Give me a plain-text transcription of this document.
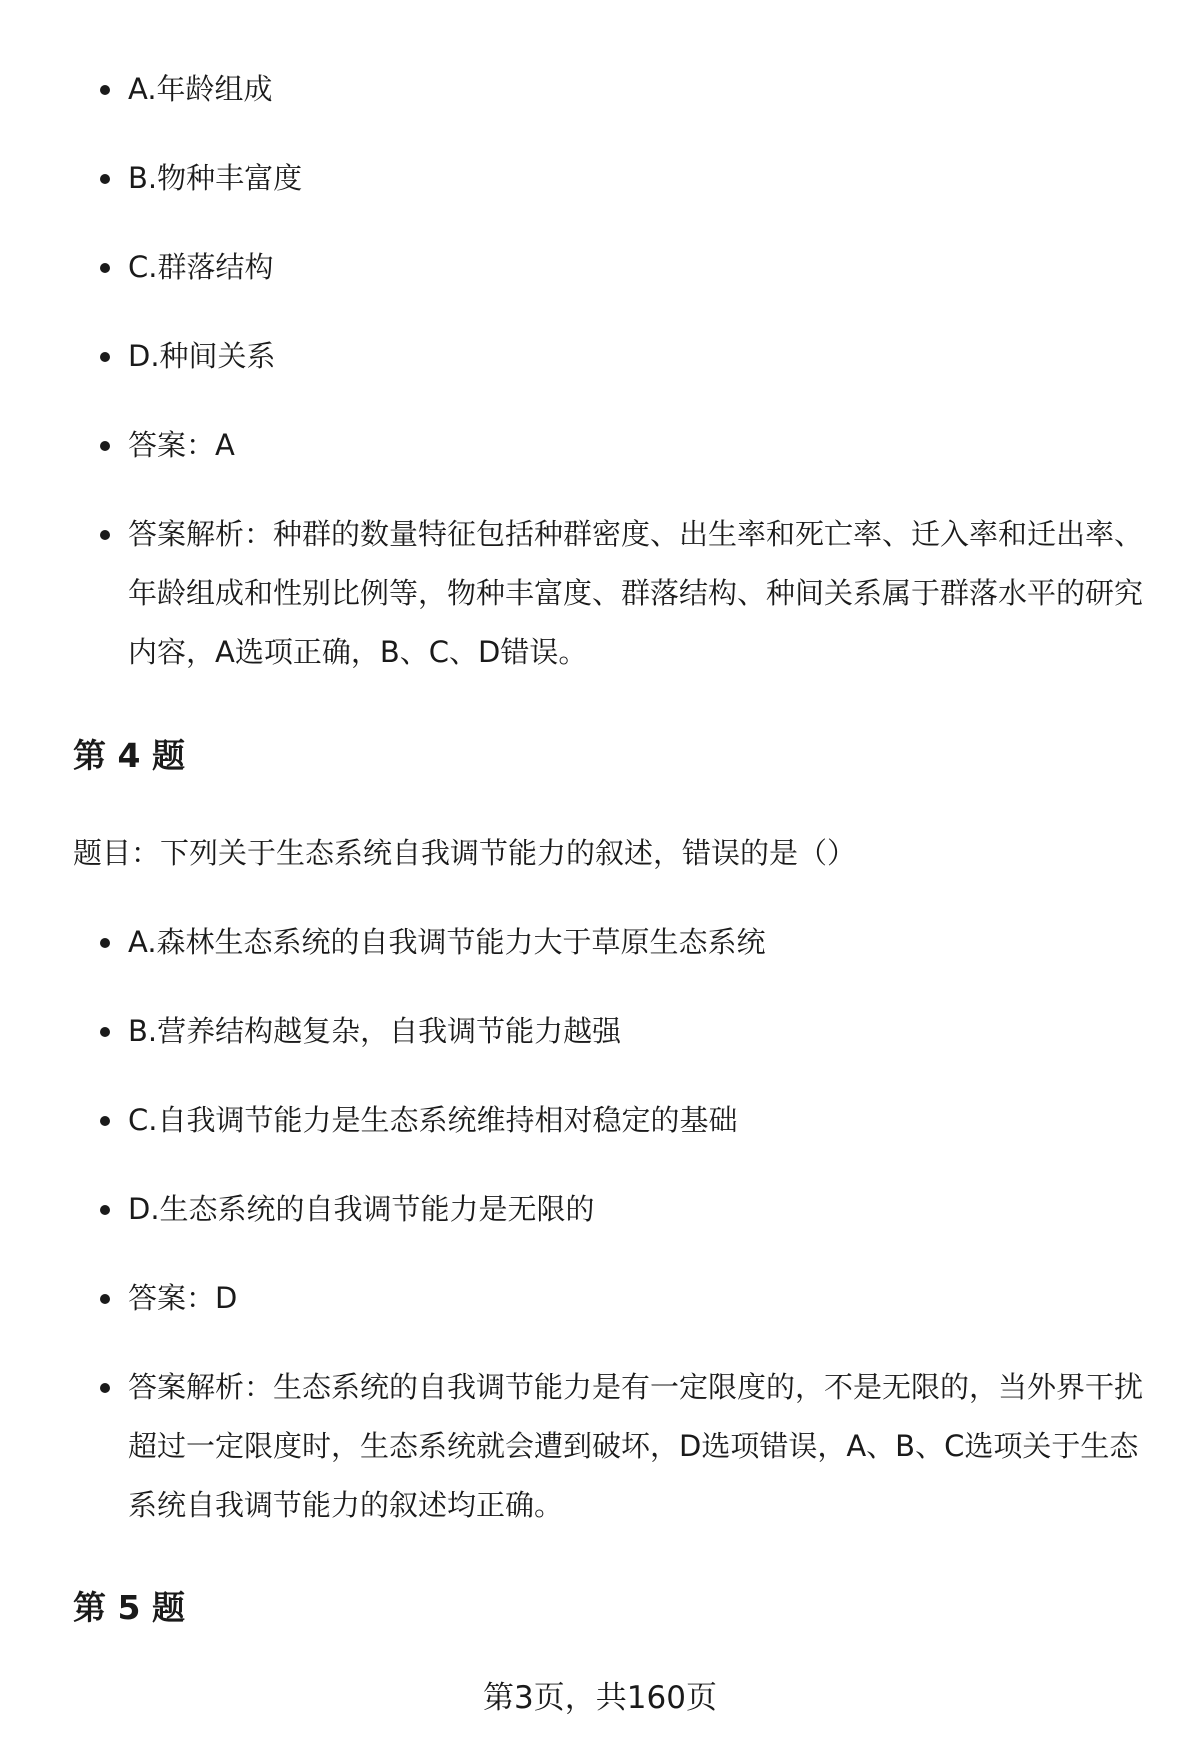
A.年龄组成
B.物种丰富度
C.群落结构
D.种间关系
答案：A
答案解析：种群的数量特征包括种群密度、出生率和死亡率、迁入率和迁出率、年龄组成和性别比例等，物种丰富度、群落结构、种间关系属于群落水平的研究内容，A选项正确，B、C、D错误。
第 4 题

题目：下列关于生态系统自我调节能力的叙述，错误的是（）

A.森林生态系统的自我调节能力大于草原生态系统
B.营养结构越复杂，自我调节能力越强
C.自我调节能力是生态系统维持相对稳定的基础
D.生态系统的自我调节能力是无限的
答案：D
答案解析：生态系统的自我调节能力是有一定限度的，不是无限的，当外界干扰超过一定限度时，生态系统就会遭到破坏，D选项错误，A、B、C选项关于生态系统自我调节能力的叙述均正确。
第 5 题
第3页，共160页
